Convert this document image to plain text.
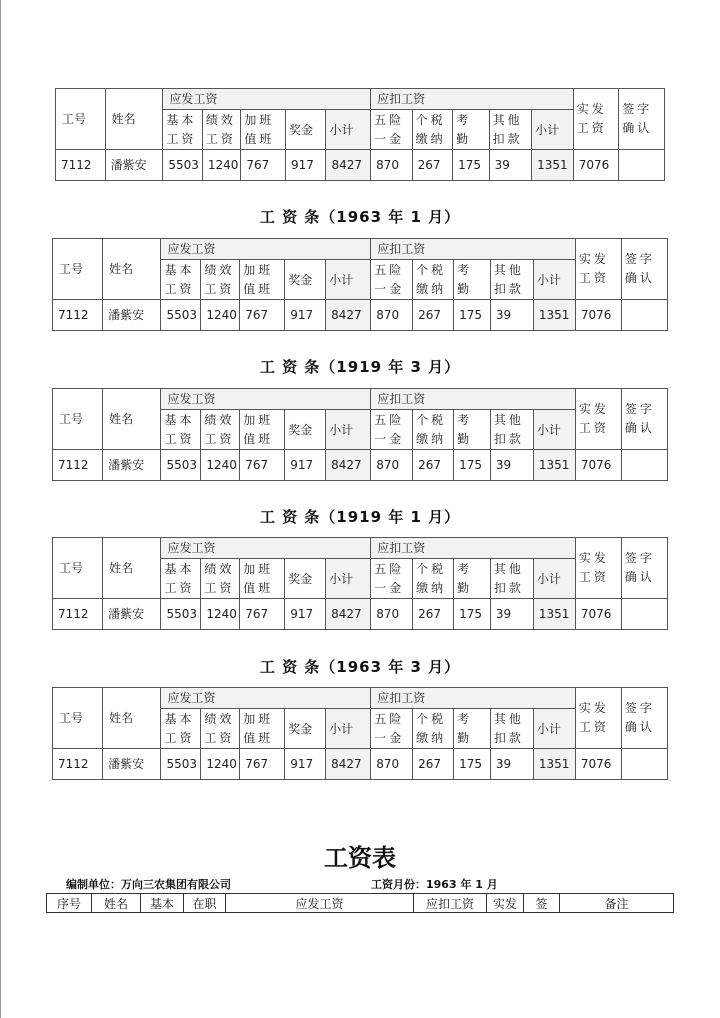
工号	姓名	应发工资					应扣工资					实发工资	签字确认
		基本工资	绩效工资	加班值班	奖金	小计	五险一金	个税缴纳	考勤	其他扣款	小计		
7112	潘紫安	5503	1240	767	917	8427	870	267	175	39	1351	7076	
工 资 条（1963 年 1 月）
工号	姓名	应发工资					应扣工资					实发工资	签字确认
		基本工资	绩效工资	加班值班	奖金	小计	五险一金	个税缴纳	考勤	其他扣款	小计		
7112	潘紫安	5503	1240	767	917	8427	870	267	175	39	1351	7076	
工 资 条（1919 年 3 月）
工号	姓名	应发工资					应扣工资					实发工资	签字确认
		基本工资	绩效工资	加班值班	奖金	小计	五险一金	个税缴纳	考勤	其他扣款	小计		
7112	潘紫安	5503	1240	767	917	8427	870	267	175	39	1351	7076	
工 资 条（1919 年 1 月）
工号	姓名	应发工资					应扣工资					实发工资	签字确认
		基本工资	绩效工资	加班值班	奖金	小计	五险一金	个税缴纳	考勤	其他扣款	小计		
7112	潘紫安	5503	1240	767	917	8427	870	267	175	39	1351	7076	
工 资 条（1963 年 3 月）
工号	姓名	应发工资					应扣工资					实发工资	签字确认
		基本工资	绩效工资	加班值班	奖金	小计	五险一金	个税缴纳	考勤	其他扣款	小计		
7112	潘紫安	5503	1240	767	917	8427	870	267	175	39	1351	7076	
工资表
编制单位：万向三农集团有限公司	工资月份：1963 年 1 月
序号	姓名	基本	在职	应发工资	应扣工资	实发	签	备注
